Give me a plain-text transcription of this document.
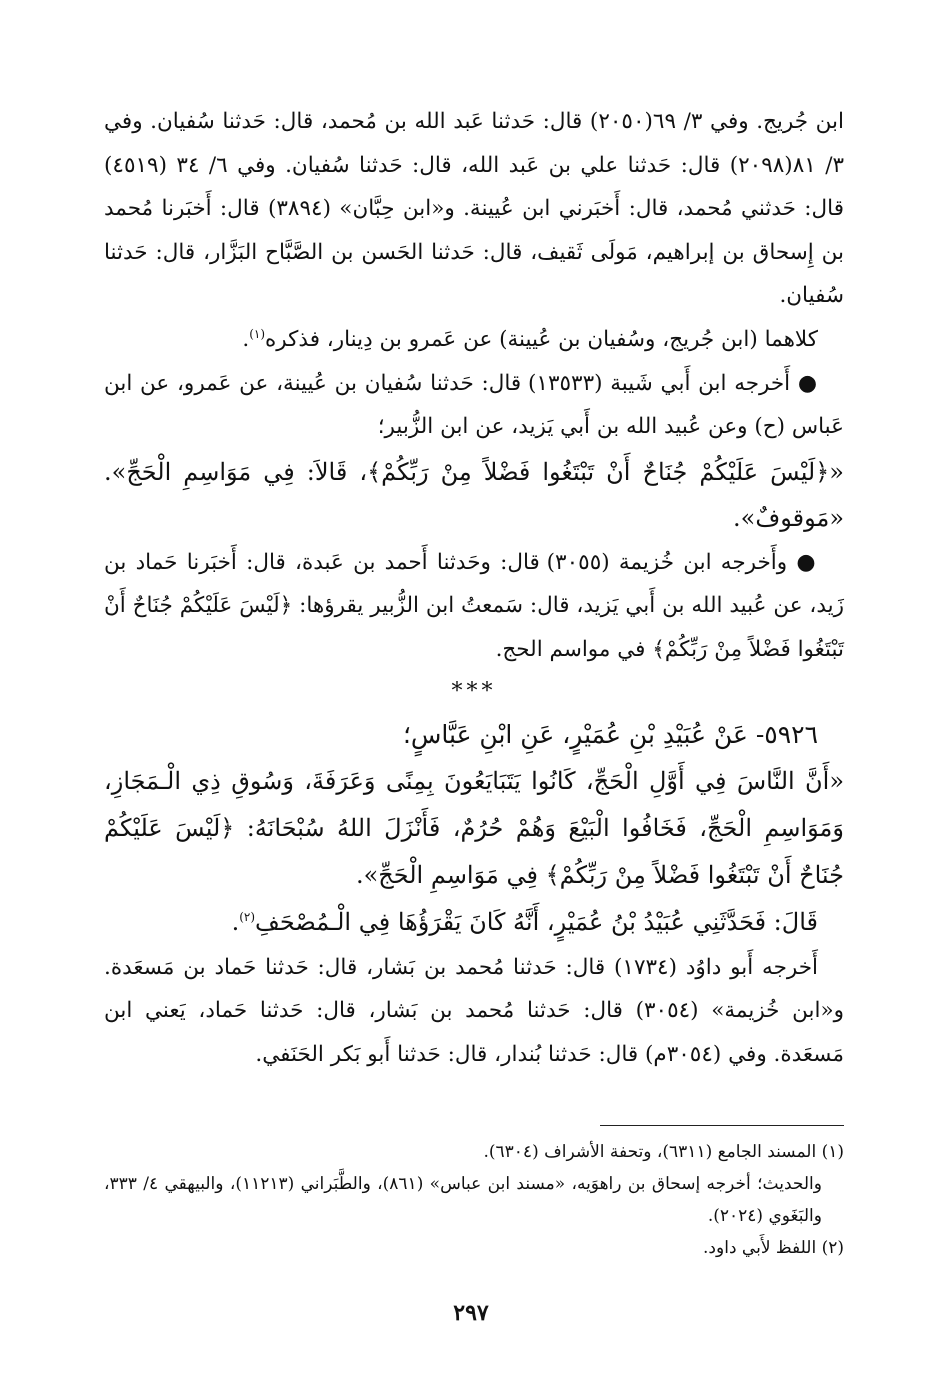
ابن جُريج. وفي ٣/ ٦٩(٢٠٥٠) قال: حَدثنا عَبد الله بن مُحمد، قال: حَدثنا سُفيان. وفي ٣/ ٨١(٢٠٩٨) قال: حَدثنا علي بن عَبد الله، قال: حَدثنا سُفيان. وفي ٦/ ٣٤ (٤٥١٩) قال: حَدثني مُحمد، قال: أَخبَرني ابن عُيينة. و«ابن حِبَّان» (٣٨٩٤) قال: أَخبَرنا مُحمد بن إِسحاق بن إبراهيم، مَولَى ثَقيف، قال: حَدثنا الحَسن بن الصَّبَّاح البَزَّار، قال: حَدثنا سُفيان.

كلاهما (ابن جُريج، وسُفيان بن عُيينة) عن عَمرو بن دِينار، فذكره$^{(١)}$.

● أَخرجه ابن أَبي شَيبة (١٣٥٣٣) قال: حَدثنا سُفيان بن عُيينة، عن عَمرو، عن ابن عَباس (ح) وعن عُبيد الله بن أَبي يَزيد، عن ابن الزُّبير؛

«﴿لَيْسَ عَلَيْكُمْ جُنَاحٌ أَنْ تَبْتَغُوا فَضْلاً مِنْ رَبِّكُمْ﴾، قَالاَ: فِي مَوَاسِمِ الْحَجِّ». «مَوقوفٌ».

● وأَخرجه ابن خُزيمة (٣٠٥٥) قال: وحَدثنا أَحمد بن عَبدة، قال: أَخبَرنا حَماد بن زَيد، عن عُبيد الله بن أَبي يَزيد، قال: سَمعتُ ابن الزُّبير يقرؤها: ﴿لَيْسَ عَلَيْكُمْ جُنَاحٌ أَنْ تَبْتَغُوا فَضْلاً مِنْ رَبِّكُمْ﴾ في مواسم الحج.

***

٥٩٢٦- عَنْ عُبَيْدِ بْنِ عُمَيْرٍ، عَنِ ابْنِ عَبَّاسٍ؛

«أَنَّ النَّاسَ فِي أَوَّلِ الْحَجِّ، كَانُوا يَتَبَايَعُونَ بِمِنًى وَعَرَفَةَ، وَسُوقِ ذِي الْـمَجَازِ، وَمَوَاسِمِ الْحَجِّ، فَخَافُوا الْبَيْعَ وَهُمْ حُرُمٌ، فَأَنْزَلَ اللهُ سُبْحَانَهُ: ﴿لَيْسَ عَلَيْكُمْ جُنَاحٌ أَنْ تَبْتَغُوا فَضْلاً مِنْ رَبِّكُمْ﴾ فِي مَوَاسِمِ الْحَجِّ».

قَالَ: فَحَدَّثَنِي عُبَيْدُ بْنُ عُمَيْرٍ، أَنَّهُ كَانَ يَقْرَؤُهَا فِي الْـمُصْحَفِ$^{(٢)}$.

أَخرجه أَبو داوُد (١٧٣٤) قال: حَدثنا مُحمد بن بَشار، قال: حَدثنا حَماد بن مَسعَدة. و«ابن خُزيمة» (٣٠٥٤) قال: حَدثنا مُحمد بن بَشار، قال: حَدثنا حَماد، يَعني ابن مَسعَدة. وفي (٣٠٥٤م) قال: حَدثنا بُندار، قال: حَدثنا أَبو بَكر الحَنَفي.

(١) المسند الجامع (٦٣١١)، وتحفة الأشراف (٦٣٠٤).

والحديث؛ أخرجه إسحاق بن راهوَيه، «مسند ابن عباس» (٨٦١)، والطَّبَراني (١١٢١٣)، والبيهقي ٤/ ٣٣٣، والبَغَوي (٢٠٢٤).

(٢) اللفظ لأَبي داود.

٢٩٧
